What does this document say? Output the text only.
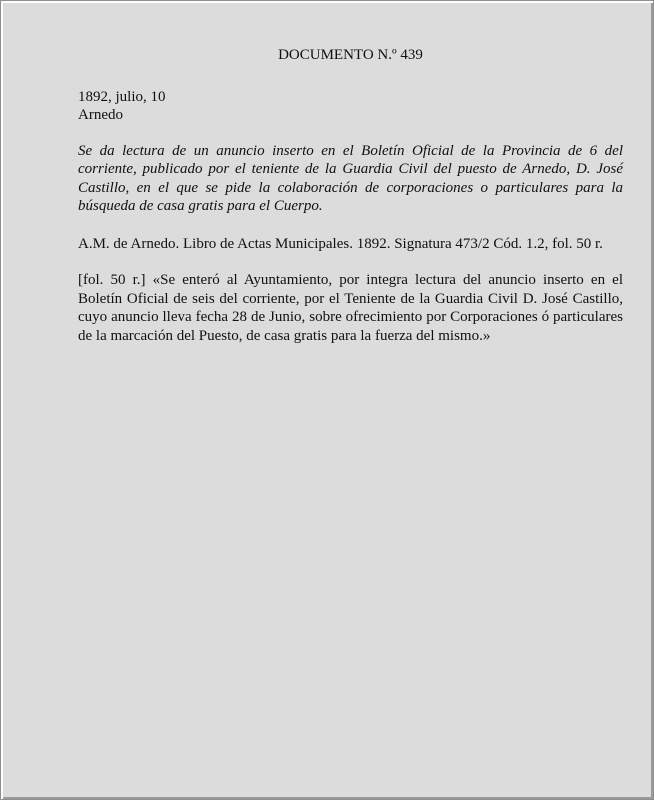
DOCUMENTO N.º 439

1892, julio, 10

Arnedo

Se da lectura de un anuncio inserto en el Boletín Oficial de la Provincia de 6 del corriente, publicado por el teniente de la Guardia Civil del puesto de Arnedo, D. José Castillo, en el que se pide la colaboración de corporaciones o particulares para la búsqueda de casa gratis para el Cuerpo.

A.M. de Arnedo. Libro de Actas Municipales. 1892. Signatura 473/2 Cód. 1.2, fol. 50 r.

[fol. 50 r.] «Se enteró al Ayuntamiento, por integra lectura del anuncio inserto en el Boletín Oficial de seis del corriente, por el Teniente de la Guardia Civil D. José Castillo, cuyo anuncio lleva fecha 28 de Junio, sobre ofrecimiento por Corporaciones ó particulares de la marcación del Puesto, de casa gratis para la fuerza del mismo.»
